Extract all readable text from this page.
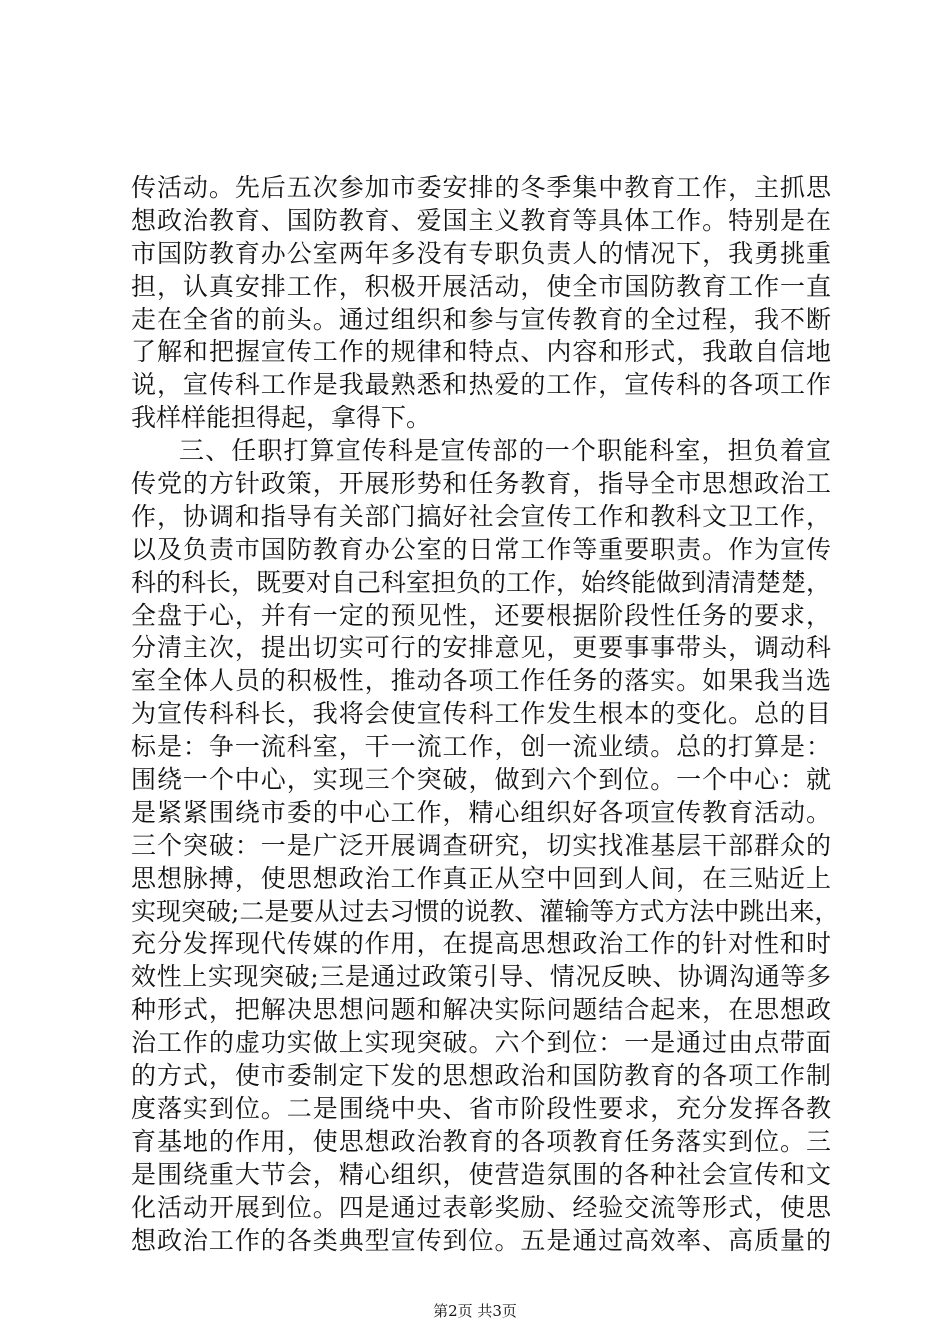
传活动。先后五次参加市委安排的冬季集中教育工作，主抓思
想政治教育、国防教育、爱国主义教育等具体工作。特别是在
市国防教育办公室两年多没有专职负责人的情况下，我勇挑重
担，认真安排工作，积极开展活动，使全市国防教育工作一直
走在全省的前头。通过组织和参与宣传教育的全过程，我不断
了解和把握宣传工作的规律和特点、内容和形式，我敢自信地
说，宣传科工作是我最熟悉和热爱的工作，宣传科的各项工作
我样样能担得起，拿得下。
三、任职打算宣传科是宣传部的一个职能科室，担负着宣
传党的方针政策，开展形势和任务教育，指导全市思想政治工
作，协调和指导有关部门搞好社会宣传工作和教科文卫工作，
以及负责市国防教育办公室的日常工作等重要职责。作为宣传
科的科长，既要对自己科室担负的工作，始终能做到清清楚楚，
全盘于心，并有一定的预见性，还要根据阶段性任务的要求，
分清主次，提出切实可行的安排意见，更要事事带头，调动科
室全体人员的积极性，推动各项工作任务的落实。如果我当选
为宣传科科长，我将会使宣传科工作发生根本的变化。总的目
标是：争一流科室，干一流工作，创一流业绩。总的打算是：
围绕一个中心，实现三个突破，做到六个到位。一个中心：就
是紧紧围绕市委的中心工作，精心组织好各项宣传教育活动。
三个突破：一是广泛开展调查研究，切实找准基层干部群众的
思想脉搏，使思想政治工作真正从空中回到人间，在三贴近上
实现突破;二是要从过去习惯的说教、灌输等方式方法中跳出来，
充分发挥现代传媒的作用，在提高思想政治工作的针对性和时
效性上实现突破;三是通过政策引导、情况反映、协调沟通等多
种形式，把解决思想问题和解决实际问题结合起来，在思想政
治工作的虚功实做上实现突破。六个到位：一是通过由点带面
的方式，使市委制定下发的思想政治和国防教育的各项工作制
度落实到位。二是围绕中央、省市阶段性要求，充分发挥各教
育基地的作用，使思想政治教育的各项教育任务落实到位。三
是围绕重大节会，精心组织，使营造氛围的各种社会宣传和文
化活动开展到位。四是通过表彰奖励、经验交流等形式，使思
想政治工作的各类典型宣传到位。五是通过高效率、高质量的
第2页 共3页
